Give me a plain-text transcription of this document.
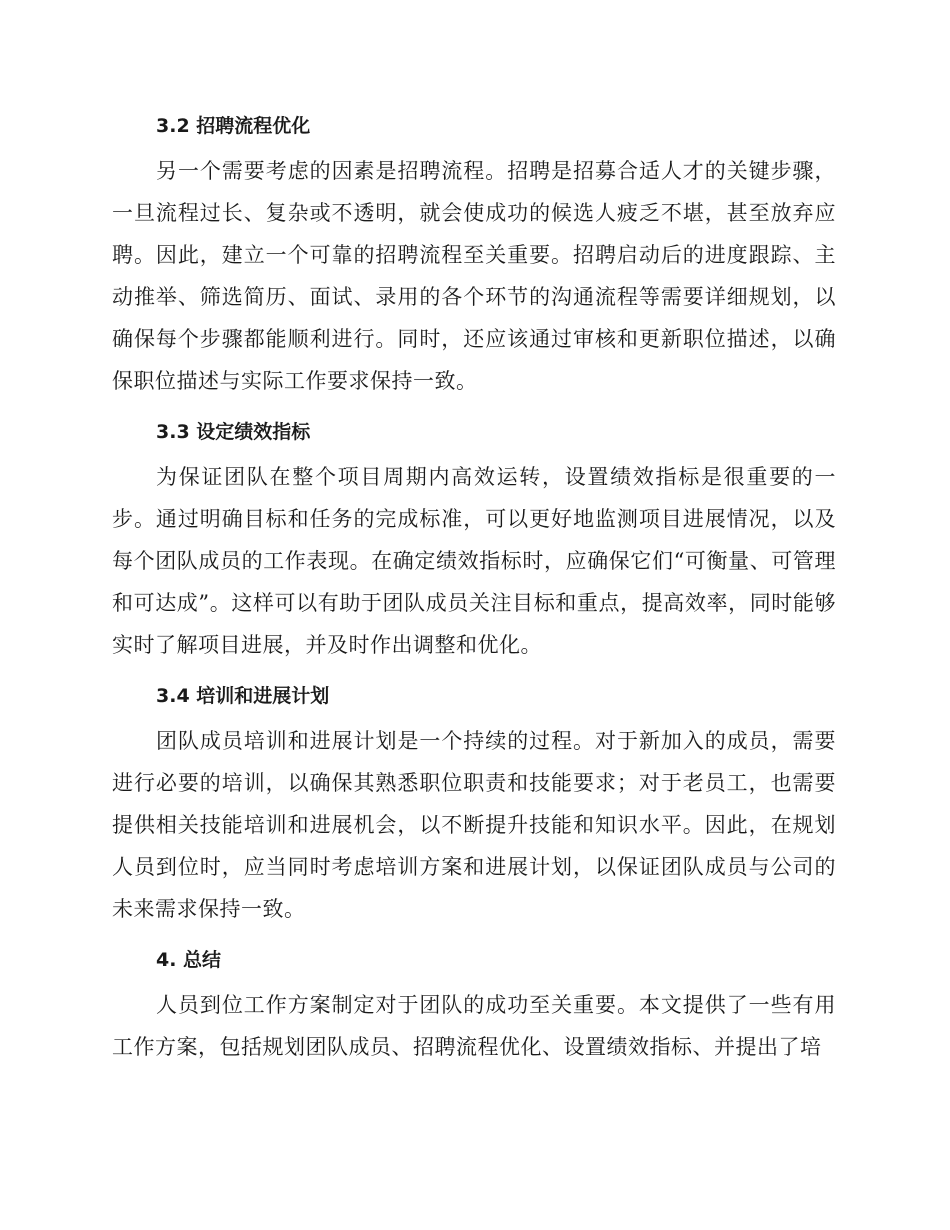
3.2 招聘流程优化

另一个需要考虑的因素是招聘流程。招聘是招募合适人才的关键步骤，一旦流程过长、复杂或不透明，就会使成功的候选人疲乏不堪，甚至放弃应聘。因此，建立一个可靠的招聘流程至关重要。招聘启动后的进度跟踪、主动推举、筛选简历、面试、录用的各个环节的沟通流程等需要详细规划，以确保每个步骤都能顺利进行。同时，还应该通过审核和更新职位描述，以确保职位描述与实际工作要求保持一致。

3.3 设定绩效指标

为保证团队在整个项目周期内高效运转，设置绩效指标是很重要的一步。通过明确目标和任务的完成标准，可以更好地监测项目进展情况，以及每个团队成员的工作表现。在确定绩效指标时，应确保它们“可衡量、可管理和可达成”。这样可以有助于团队成员关注目标和重点，提高效率，同时能够实时了解项目进展，并及时作出调整和优化。

3.4 培训和进展计划

团队成员培训和进展计划是一个持续的过程。对于新加入的成员，需要进行必要的培训，以确保其熟悉职位职责和技能要求；对于老员工，也需要提供相关技能培训和进展机会，以不断提升技能和知识水平。因此，在规划人员到位时，应当同时考虑培训方案和进展计划，以保证团队成员与公司的未来需求保持一致。

4. 总结

人员到位工作方案制定对于团队的成功至关重要。本文提供了一些有用工作方案，包括规划团队成员、招聘流程优化、设置绩效指标、并提出了培
